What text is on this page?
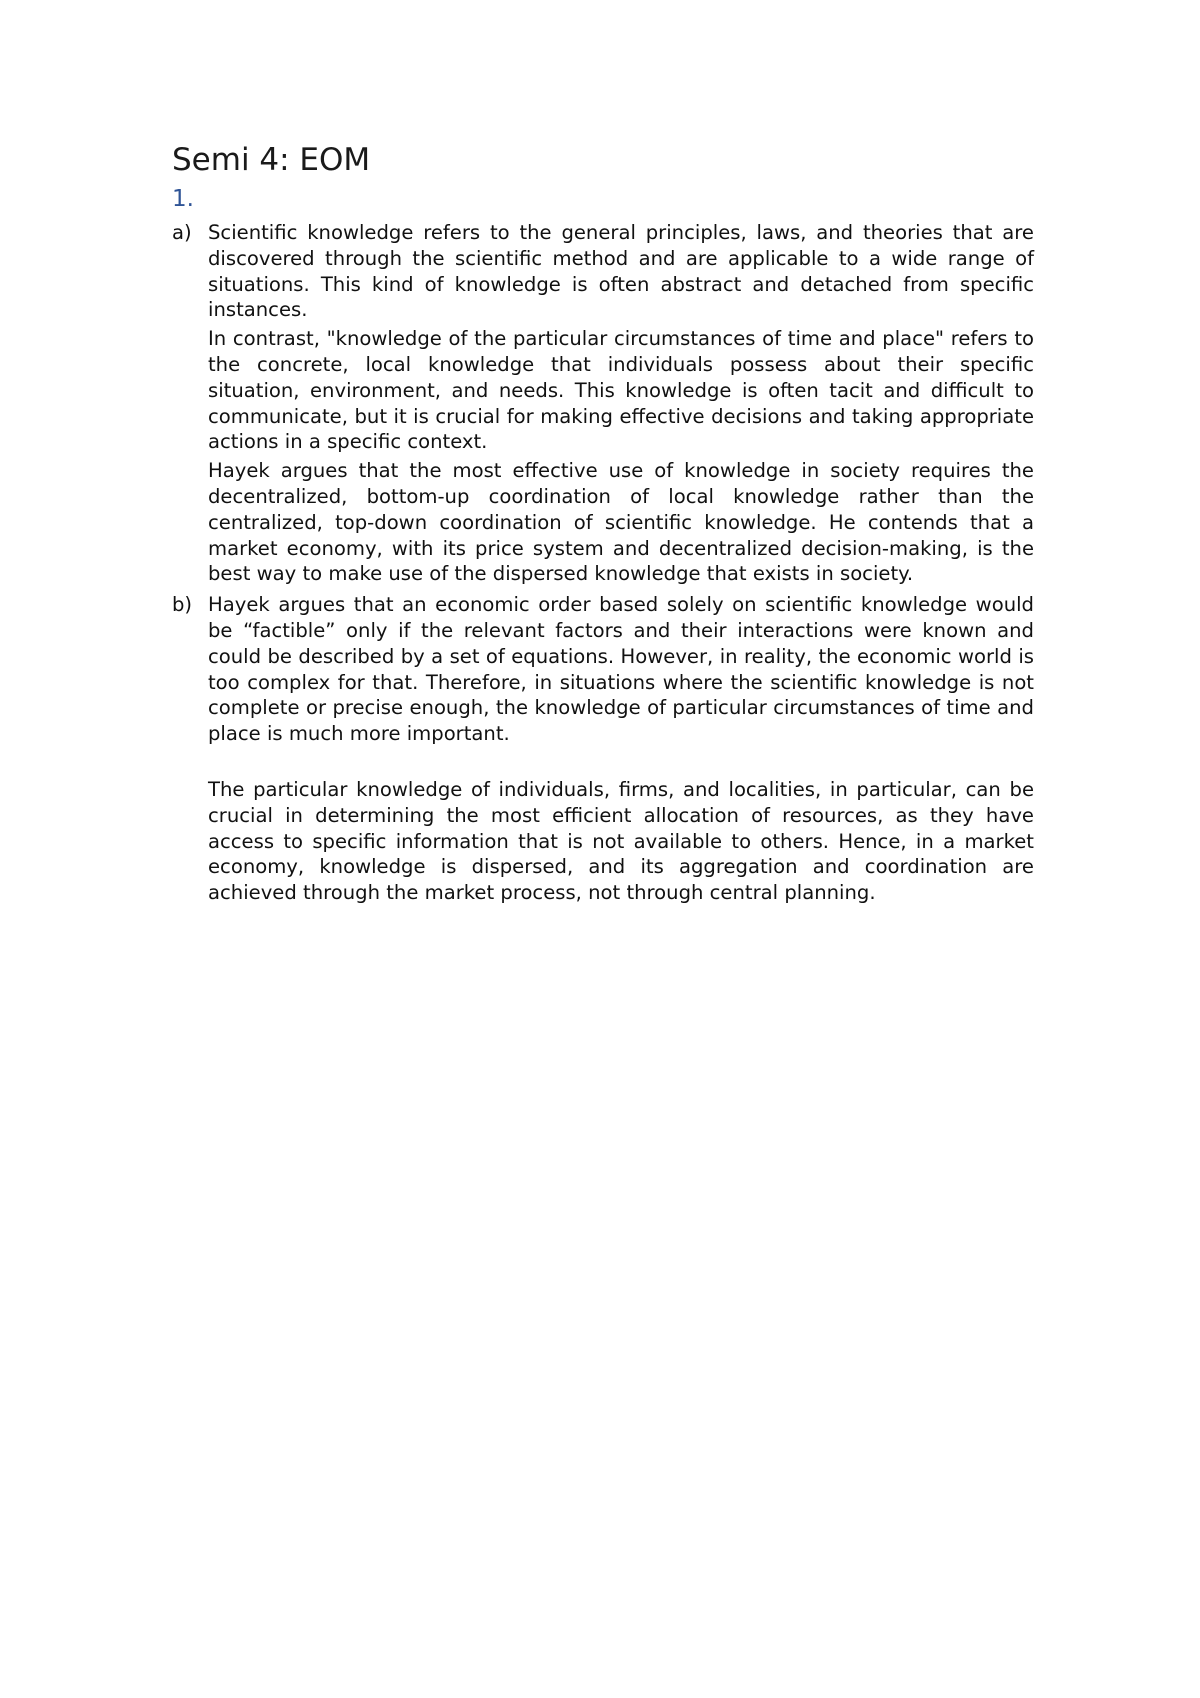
Semi 4: EOM
1.
a) Scientific knowledge refers to the general principles, laws, and theories that are discovered through the scientific method and are applicable to a wide range of situations. This kind of knowledge is often abstract and detached from specific instances.

In contrast, "knowledge of the particular circumstances of time and place" refers to the concrete, local knowledge that individuals possess about their specific situation, environment, and needs. This knowledge is often tacit and difficult to communicate, but it is crucial for making effective decisions and taking appropriate actions in a specific context.

Hayek argues that the most effective use of knowledge in society requires the decentralized, bottom-up coordination of local knowledge rather than the centralized, top-down coordination of scientific knowledge. He contends that a market economy, with its price system and decentralized decision-making, is the best way to make use of the dispersed knowledge that exists in society.

b) Hayek argues that an economic order based solely on scientific knowledge would be “factible” only if the relevant factors and their interactions were known and could be described by a set of equations. However, in reality, the economic world is too complex for that. Therefore, in situations where the scientific knowledge is not complete or precise enough, the knowledge of particular circumstances of time and place is much more important.

The particular knowledge of individuals, firms, and localities, in particular, can be crucial in determining the most efficient allocation of resources, as they have access to specific information that is not available to others. Hence, in a market economy, knowledge is dispersed, and its aggregation and coordination are achieved through the market process, not through central planning.
